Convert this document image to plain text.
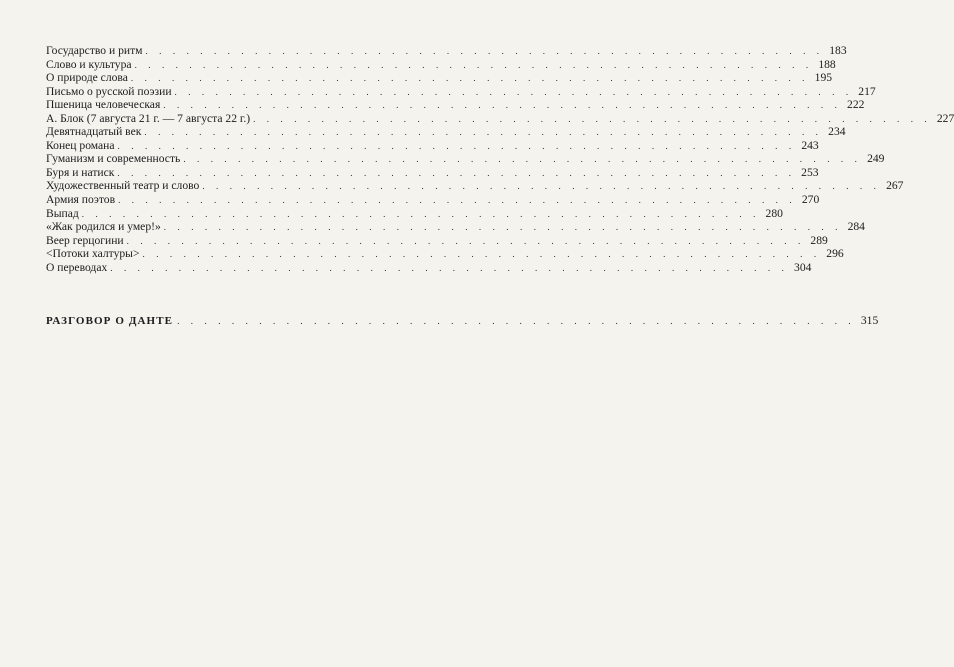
Государство и ритм . . . . . . . . . . . . . . . . . . . . . . . . . . . . . . . . . . . . . . . . . . . . . . . . . . 183
Слово и культура . . . . . . . . . . . . . . . . . . . . . . . . . . . . . . . . . . . . . . . . . . . . . . . . . . 188
О природе слова . . . . . . . . . . . . . . . . . . . . . . . . . . . . . . . . . . . . . . . . . . . . . . . . . . 195
Письмо о русской поэзии . . . . . . . . . . . . . . . . . . . . . . . . . . . . . . . . . . . . . . . . . . . . . . . . . . 217
Пшеница человеческая . . . . . . . . . . . . . . . . . . . . . . . . . . . . . . . . . . . . . . . . . . . . . . . . . . 222
А. Блок (7 августа 21 г. — 7 августа 22 г.) . . . . . . . . . . . . . . . . . . . . . . . . . . . . . . . . . . . . . . . . . . . . . . . . . . 227
Девятнадцатый век . . . . . . . . . . . . . . . . . . . . . . . . . . . . . . . . . . . . . . . . . . . . . . . . . . 234
Конец романа . . . . . . . . . . . . . . . . . . . . . . . . . . . . . . . . . . . . . . . . . . . . . . . . . . 243
Гуманизм и современность . . . . . . . . . . . . . . . . . . . . . . . . . . . . . . . . . . . . . . . . . . . . . . . . . . 249
Буря и натиск . . . . . . . . . . . . . . . . . . . . . . . . . . . . . . . . . . . . . . . . . . . . . . . . . . 253
Художественный театр и слово . . . . . . . . . . . . . . . . . . . . . . . . . . . . . . . . . . . . . . . . . . . . . . . . . . 267
Армия поэтов . . . . . . . . . . . . . . . . . . . . . . . . . . . . . . . . . . . . . . . . . . . . . . . . . . 270
Выпад . . . . . . . . . . . . . . . . . . . . . . . . . . . . . . . . . . . . . . . . . . . . . . . . . . 280
«Жак родился и умер!» . . . . . . . . . . . . . . . . . . . . . . . . . . . . . . . . . . . . . . . . . . . . . . . . . . 284
Веер герцогини . . . . . . . . . . . . . . . . . . . . . . . . . . . . . . . . . . . . . . . . . . . . . . . . . . 289
<Потоки халтуры> . . . . . . . . . . . . . . . . . . . . . . . . . . . . . . . . . . . . . . . . . . . . . . . . . . 296
О переводах . . . . . . . . . . . . . . . . . . . . . . . . . . . . . . . . . . . . . . . . . . . . . . . . . . 304
РАЗГОВОР О ДАНТЕ . . . . . . . . . . . . . . . . . . . . . . . . . . . . . . . . . . . . . . . . . . . . . . . . . . 315
